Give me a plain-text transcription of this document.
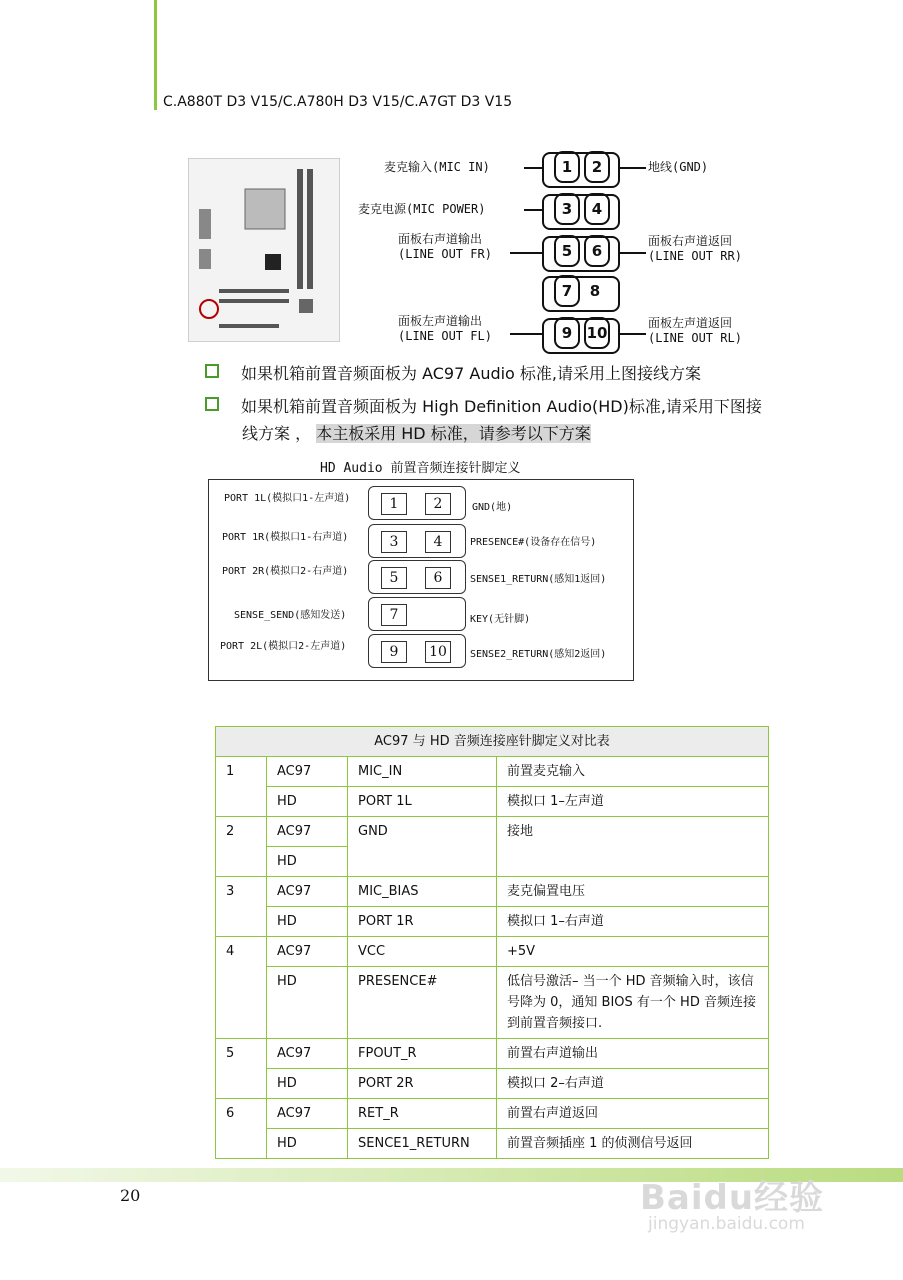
C.A880T D3 V15/C.A780H D3 V15/C.A7GT D3 V15
麦克输入(MIC IN)
麦克电源(MIC POWER)
面板右声道输出
(LINE OUT FR)
面板左声道输出
(LINE OUT FL)
地线(GND)
面板右声道返回
(LINE OUT RR)
面板左声道返回
(LINE OUT RL)
1	2
3	4
5	6
7	8
9 10
如果机箱前置音频面板为 AC97 Audio 标准,请采用上图接线方案
如果机箱前置音频面板为 High Definition Audio(HD)标准,请采用下图接
线方案 ， 本主板采用 HD 标准，请参考以下方案
HD Audio 前置音频连接针脚定义
PORT 1L(模拟口1-左声道)
PORT 1R(模拟口1-右声道)
PORT 2R(模拟口2-右声道)
SENSE_SEND(感知发送)
PORT 2L(模拟口2-左声道)
GND(地)
PRESENCE#(设备存在信号)
SENSE1_RETURN(感知1返回)
KEY(无针脚)
SENSE2_RETURN(感知2返回)
1	2
3	4
5	6
7
9	10
AC97 与 HD 音频连接座针脚定义对比表			
1	AC97	MIC_IN	前置麦克输入
	HD	PORT 1L	模拟口 1–左声道
2	AC97	GND	接地
	HD		
3	AC97	MIC_BIAS	麦克偏置电压
	HD	PORT 1R	模拟口 1–右声道
4	AC97	VCC	+5V
	HD	PRESENCE#	低信号激活– 当一个 HD 音频输入时，该信号降为 0，通知 BIOS 有一个 HD 音频连接到前置音频接口.
5	AC97	FPOUT_R	前置右声道输出
	HD	PORT 2R	模拟口 2–右声道
6	AC97	RET_R	前置右声道返回
	HD	SENCE1_RETURN	前置音频插座 1 的侦测信号返回
20	Baidu经验
jingyan.baidu.com
